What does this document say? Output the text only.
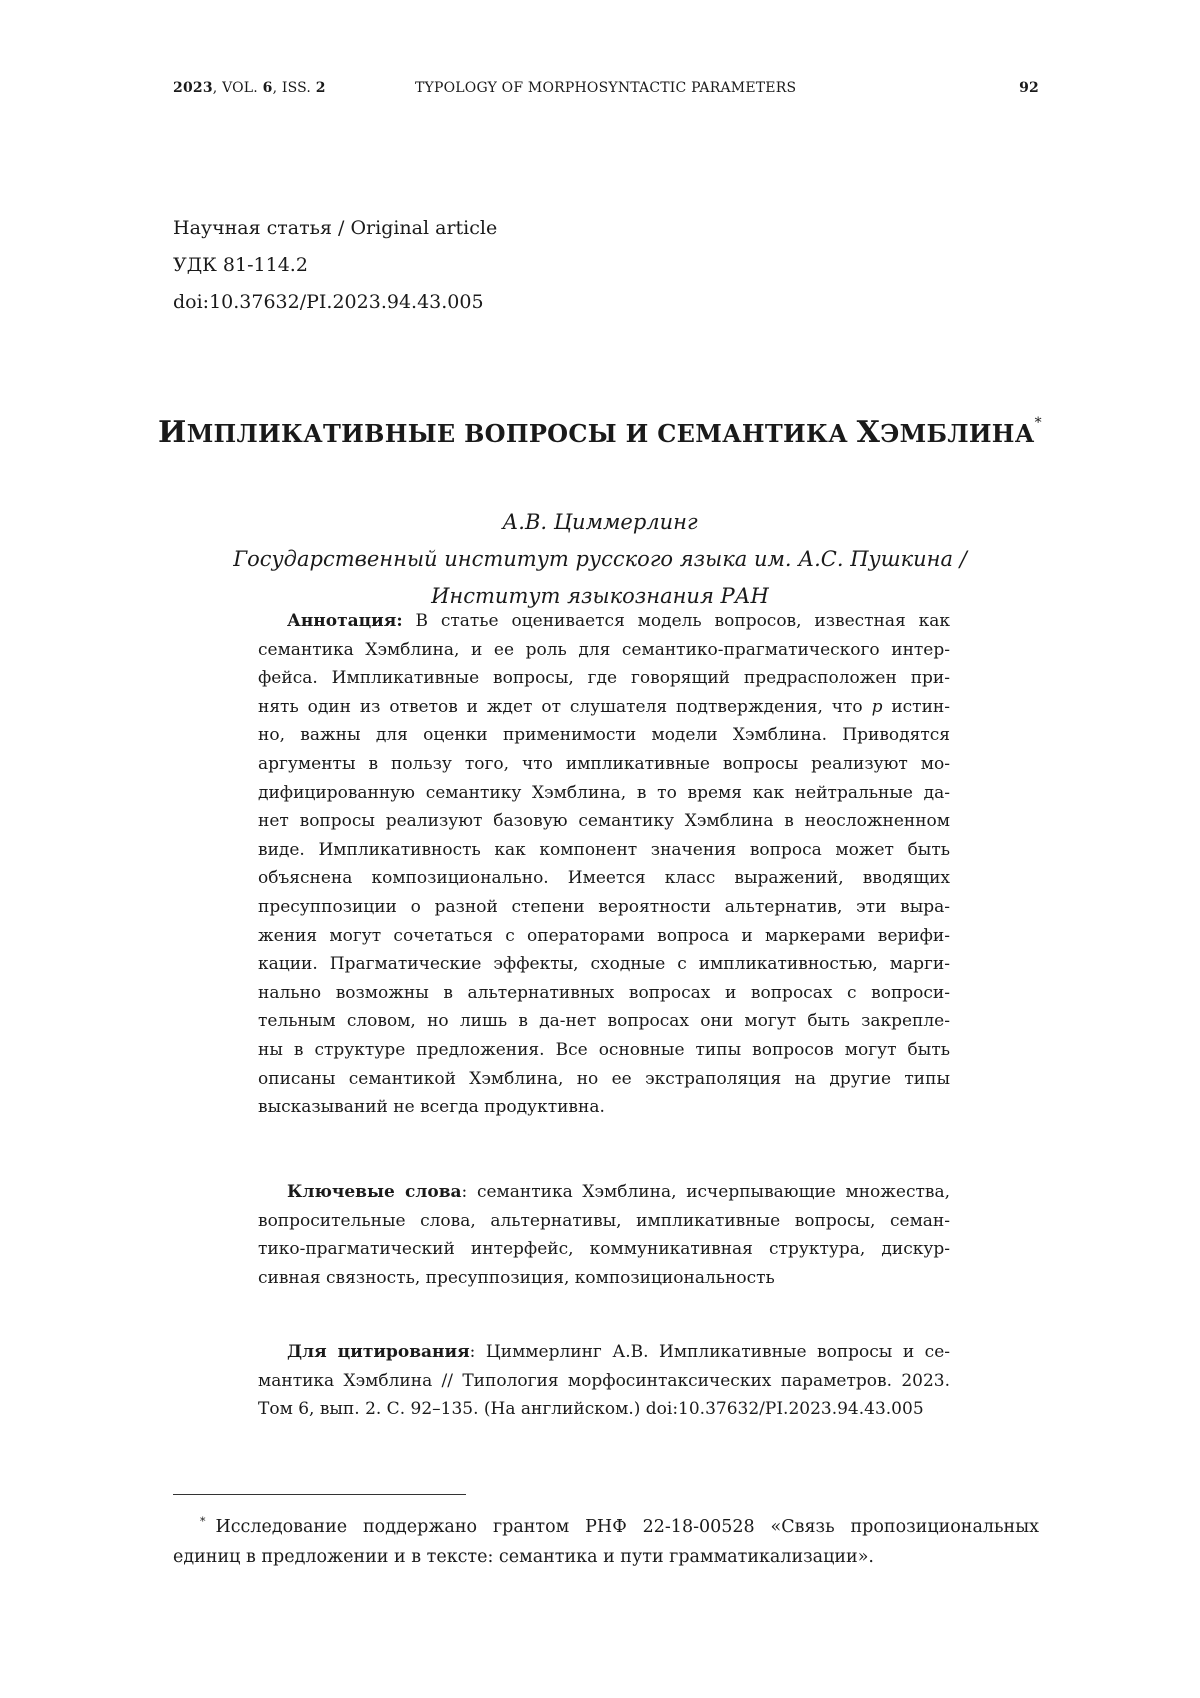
2023, VOL. 6, ISS. 2	TYPOLOGY OF MORPHOSYNTACTIC PARAMETERS	92
Научная статья / Original article
УДК 81-114.2
doi:10.37632/PI.2023.94.43.005
ИМПЛИКАТИВНЫЕ ВОПРОСЫ И СЕМАНТИКА ХЭМБЛИНА*
А.В. Циммерлинг
Государственный институт русского языка им. А.С. Пушкина /
Институт языкознания РАН
Аннотация: В статье оценивается модель вопросов, известная как
семантика Хэмблина, и ее роль для семантико-прагматического интер-
фейса. Импликативные вопросы, где говорящий предрасположен при-
нять один из ответов и ждет от слушателя подтверждения, что p истин-
но, важны для оценки применимости модели Хэмблина. Приводятся
аргументы в пользу того, что импликативные вопросы реализуют мо-
дифицированную семантику Хэмблина, в то время как нейтральные да-
нет вопросы реализуют базовую семантику Хэмблина в неосложненном
виде. Импликативность как компонент значения вопроса может быть
объяснена композиционально. Имеется класс выражений, вводящих
пресуппозиции о разной степени вероятности альтернатив, эти выра-
жения могут сочетаться с операторами вопроса и маркерами верифи-
кации. Прагматические эффекты, сходные с импликативностью, марги-
нально возможны в альтернативных вопросах и вопросах с вопроси-
тельным словом, но лишь в да-нет вопросах они могут быть закрепле-
ны в структуре предложения. Все основные типы вопросов могут быть
описаны семантикой Хэмблина, но ее экстраполяция на другие типы
высказываний не всегда продуктивна.
Ключевые слова: семантика Хэмблина, исчерпывающие множества,
вопросительные слова, альтернативы, импликативные вопросы, семан-
тико-прагматический интерфейс, коммуникативная структура, дискур-
сивная связность, пресуппозиция, композициональность
Для цитирования: Циммерлинг А.В. Импликативные вопросы и се-
мантика Хэмблина // Типология морфосинтаксических параметров. 2023.
Том 6, вып. 2. С. 92–135. (На английском.) doi:10.37632/PI.2023.94.43.005
* Исследование поддержано грантом РНФ 22-18-00528 «Связь пропозициональных
единиц в предложении и в тексте: семантика и пути грамматикализации».
